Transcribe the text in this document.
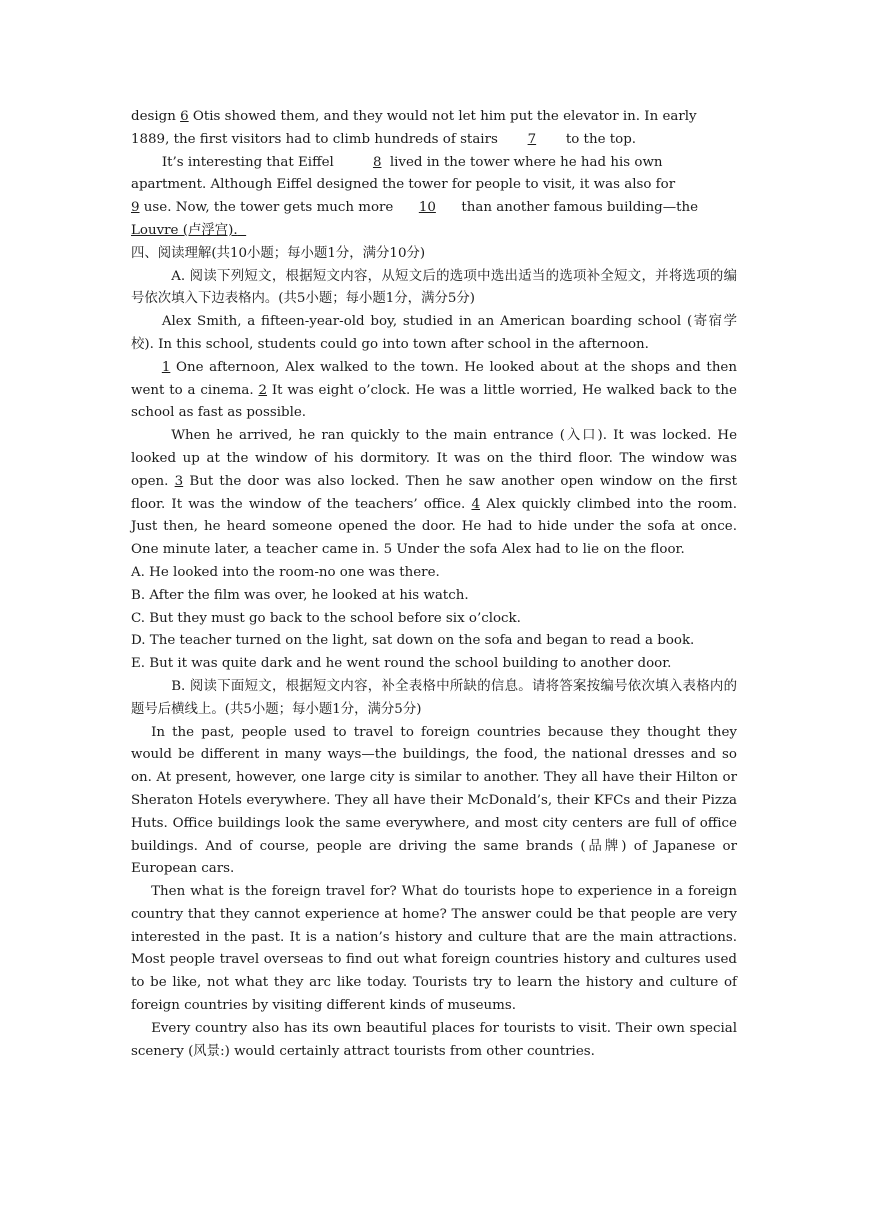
design 6 Otis showed them, and they would not let him put the elevator in. In early

1889, the first visitors had to climb hundreds of stairs 7 to the top.

It’s interesting that Eiffel	8 lived in the tower where he had his own

apartment. Although Eiffel designed the tower for people to visit, it was also for

9 use. Now, the tower gets much more 10 than another famous building—the

Louvre (卢浮宫).

四、阅读理解(共10小题；每小题1分，满分10分)

A. 阅读下列短文，根据短文内容，从短文后的选项中选出适当的选项补全短文，并将选项的编号依次填入下边表格内。(共5小题；每小题1分，满分5分)

Alex Smith, a fifteen-year-old boy, studied in an American boarding school (寄宿学校). In this school, students could go into town after school in the afternoon.

1 One afternoon, Alex walked to the town. He looked about at the shops and then went to a cinema. 2 It was eight o’clock. He was a little worried, He walked back to the school as fast as possible.

When he arrived, he ran quickly to the main entrance (入口). It was locked. He looked up at the window of his dormitory. It was on the third floor. The window was open. 3 But the door was also locked. Then he saw another open window on the first floor. It was the window of the teachers’ office. 4 Alex quickly climbed into the room. Just then, he heard someone opened the door. He had to hide under the sofa at once. One minute later, a teacher came in. 5 Under the sofa Alex had to lie on the floor.

A. He looked into the room-no one was there.

B. After the film was over, he looked at his watch.

C. But they must go back to the school before six o’clock.

D. The teacher turned on the light, sat down on the sofa and began to read a book.

E. But it was quite dark and he went round the school building to another door.

B. 阅读下面短文，根据短文内容，补全表格中所缺的信息。请将答案按编号依次填入表格内的题号后横线上。(共5小题；每小题1分，满分5分)

In the past, people used to travel to foreign countries because they thought they would be different in many ways—the buildings, the food, the national dresses and so on. At present, however, one large city is similar to another. They all have their Hilton or Sheraton Hotels everywhere. They all have their McDonald’s, their KFCs and their Pizza Huts. Office buildings look the same everywhere, and most city centers are full of office buildings. And of course, people are driving the same brands (品牌) of Japanese or European cars.

Then what is the foreign travel for? What do tourists hope to experience in a foreign country that they cannot experience at home? The answer could be that people are very interested in the past. It is a nation’s history and culture that are the main attractions. Most people travel overseas to find out what foreign countries history and cultures used to be like, not what they arc like today. Tourists try to learn the history and culture of foreign countries by visiting different kinds of museums.

Every country also has its own beautiful places for tourists to visit. Their own special scenery (风景:) would certainly attract tourists from other countries.
